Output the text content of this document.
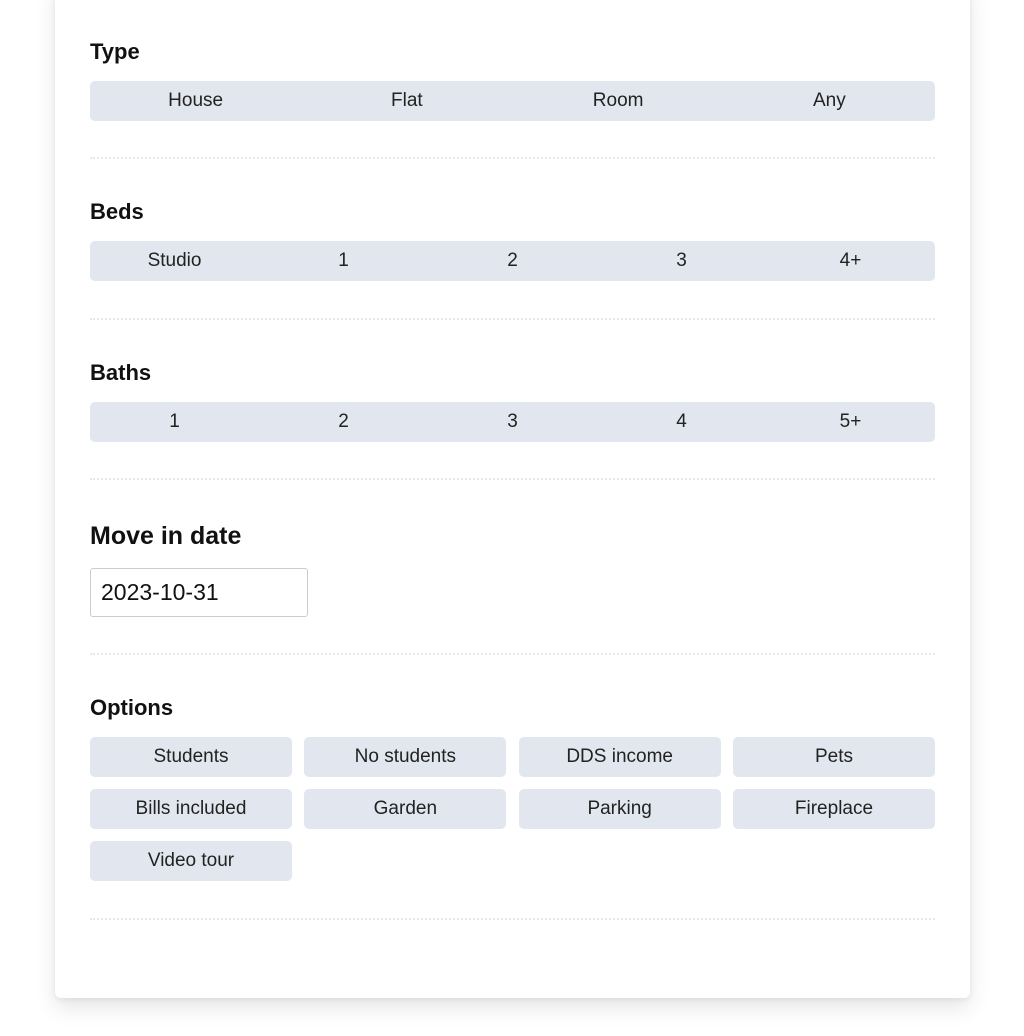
Type
House	Flat	Room	Any
Beds
Studio	1	2	3	4+
Baths
1	2	3	4	5+
Move in date
2023-10-31
Options
Students	No students	DDS income	Pets
Bills included	Garden	Parking	Fireplace
Video tour
